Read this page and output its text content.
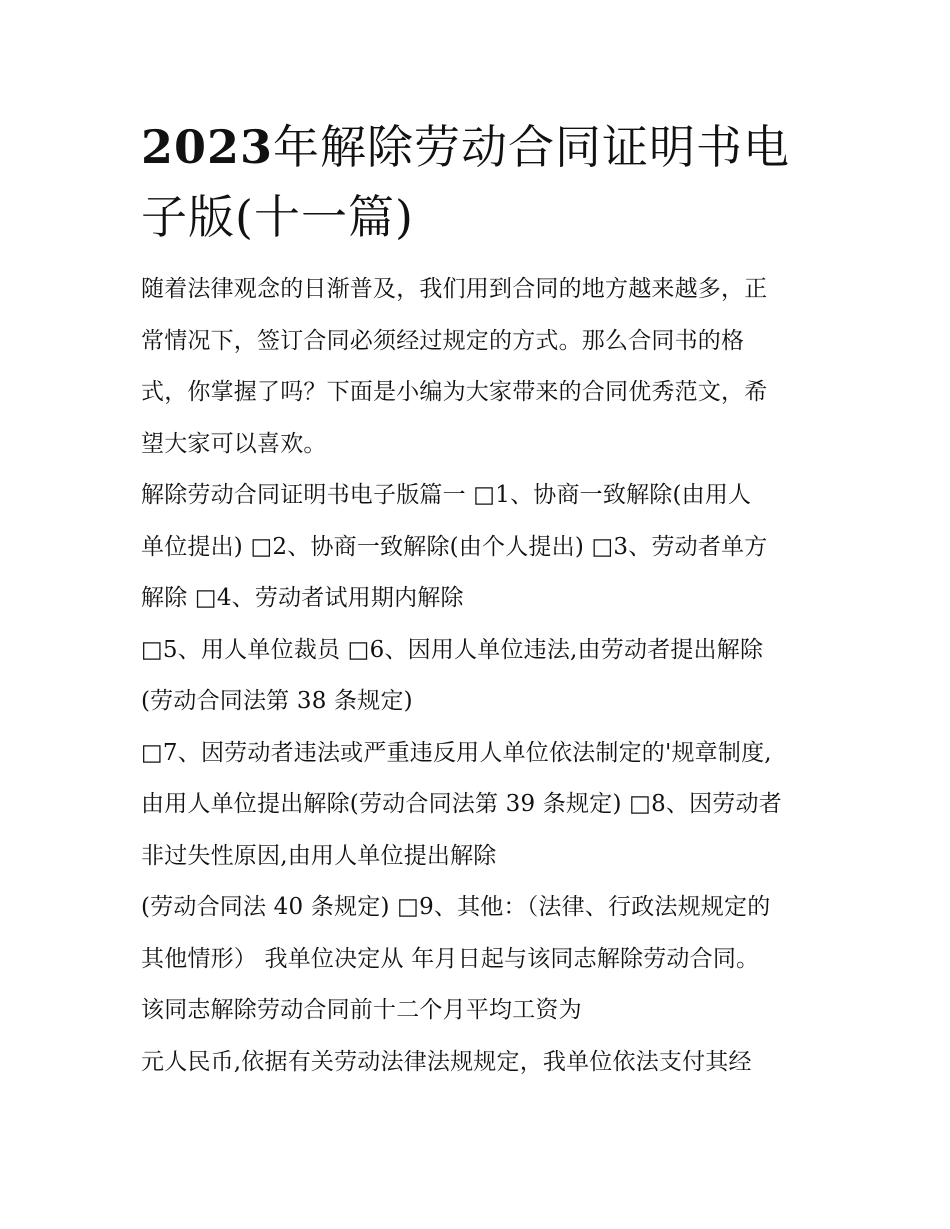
2023年解除劳动合同证明书电
子版(十一篇)
随着法律观念的日渐普及，我们用到合同的地方越来越多，正
常情况下，签订合同必须经过规定的方式。那么合同书的格
式，你掌握了吗？下面是小编为大家带来的合同优秀范文，希
望大家可以喜欢。
解除劳动合同证明书电子版篇一 □1、协商一致解除(由用人
单位提出) □2、协商一致解除(由个人提出) □3、劳动者单方
解除 □4、劳动者试用期内解除
□5、用人单位裁员 □6、因用人单位违法,由劳动者提出解除
(劳动合同法第 38 条规定)
□7、因劳动者违法或严重违反用人单位依法制定的'规章制度,
由用人单位提出解除(劳动合同法第 39 条规定) □8、因劳动者
非过失性原因,由用人单位提出解除
(劳动合同法 40 条规定) □9、其他：（法律、行政法规规定的
其他情形） 我单位决定从 年月日起与该同志解除劳动合同。
该同志解除劳动合同前十二个月平均工资为
元人民币,依据有关劳动法律法规规定，我单位依法支付其经
